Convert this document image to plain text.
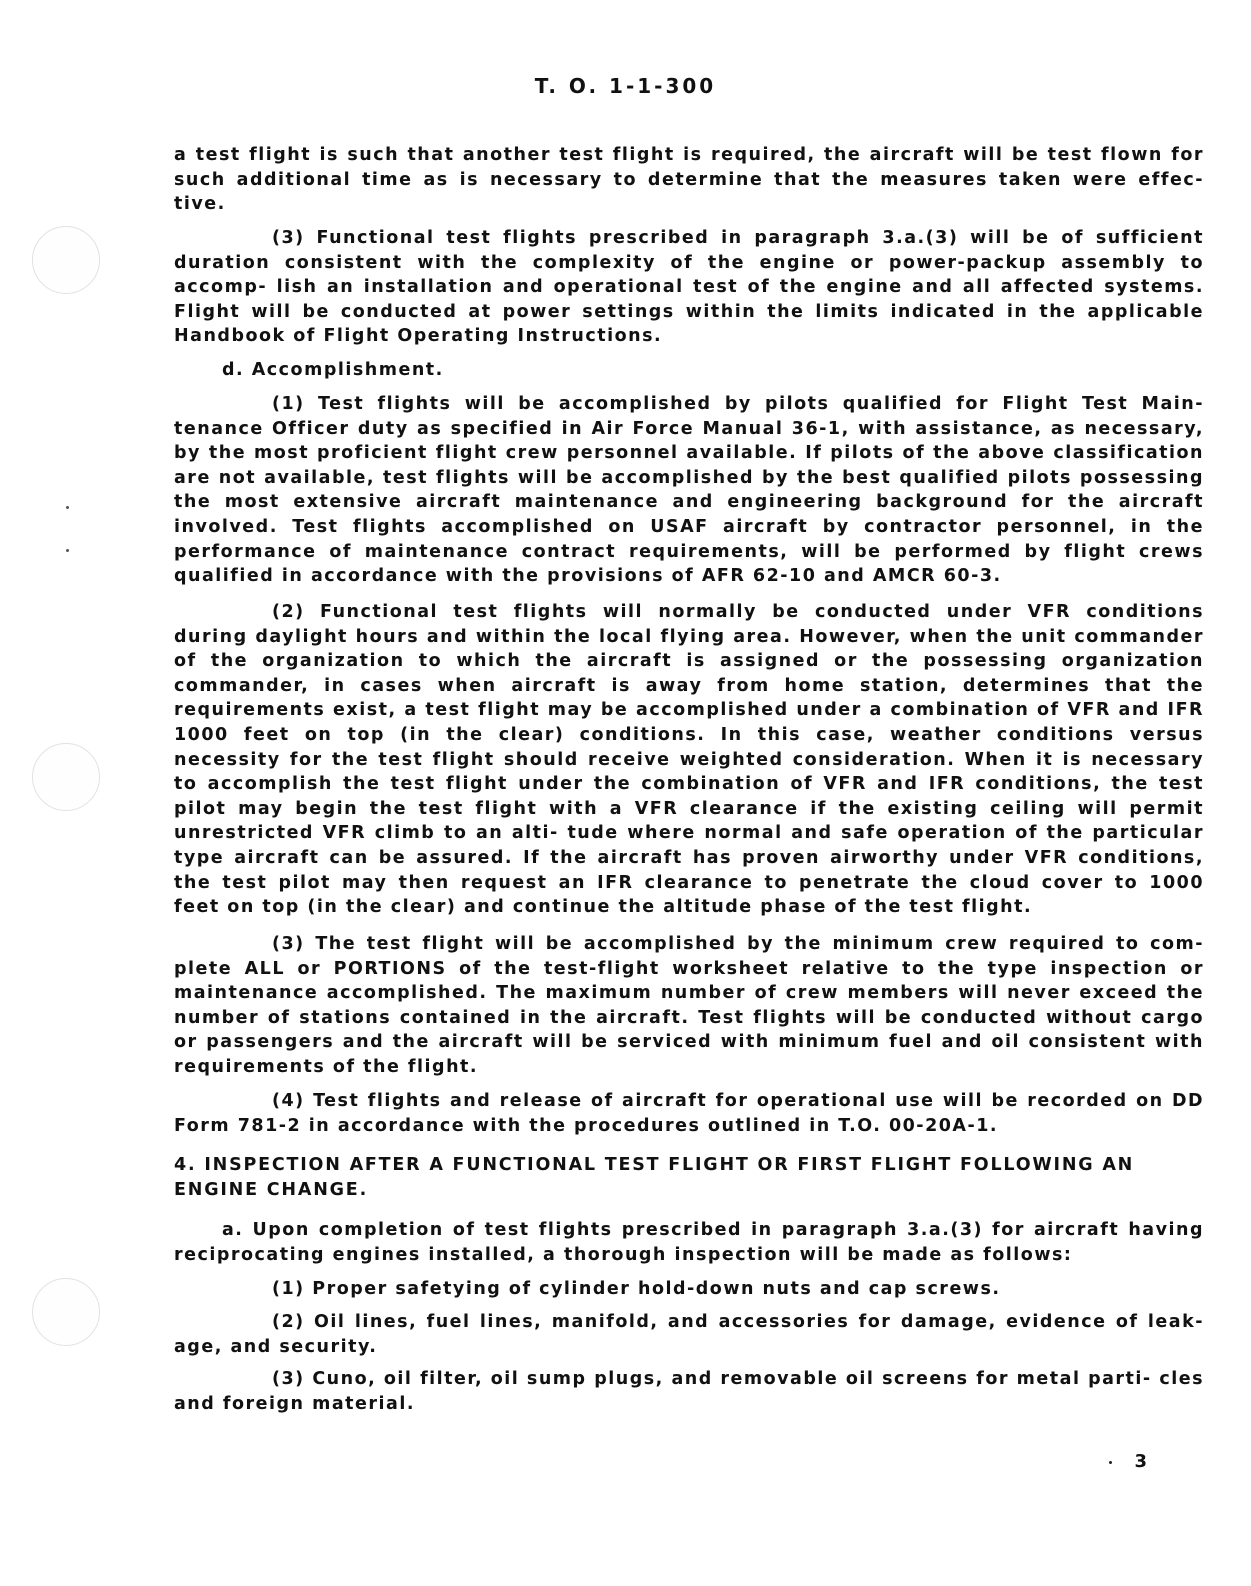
T. O. 1-1-300

a test flight is such that another test flight is required, the aircraft will be test flown for such additional time as is necessary to determine that the measures taken were effec- tive.

(3) Functional test flights prescribed in paragraph 3.a.(3) will be of sufficient duration consistent with the complexity of the engine or power-packup assembly to accomp- lish an installation and operational test of the engine and all affected systems. Flight will be conducted at power settings within the limits indicated in the applicable Handbook of Flight Operating Instructions.

d. Accomplishment.

(1) Test flights will be accomplished by pilots qualified for Flight Test Main- tenance Officer duty as specified in Air Force Manual 36-1, with assistance, as necessary, by the most proficient flight crew personnel available. If pilots of the above classification are not available, test flights will be accomplished by the best qualified pilots possessing the most extensive aircraft maintenance and engineering background for the aircraft involved. Test flights accomplished on USAF aircraft by contractor personnel, in the performance of maintenance contract requirements, will be performed by flight crews qualified in accordance with the provisions of AFR 62-10 and AMCR 60-3.

(2) Functional test flights will normally be conducted under VFR conditions during daylight hours and within the local flying area. However, when the unit commander of the organization to which the aircraft is assigned or the possessing organization commander, in cases when aircraft is away from home station, determines that the requirements exist, a test flight may be accomplished under a combination of VFR and IFR 1000 feet on top (in the clear) conditions. In this case, weather conditions versus necessity for the test flight should receive weighted consideration. When it is necessary to accomplish the test flight under the combination of VFR and IFR conditions, the test pilot may begin the test flight with a VFR clearance if the existing ceiling will permit unrestricted VFR climb to an alti- tude where normal and safe operation of the particular type aircraft can be assured. If the aircraft has proven airworthy under VFR conditions, the test pilot may then request an IFR clearance to penetrate the cloud cover to 1000 feet on top (in the clear) and continue the altitude phase of the test flight.

(3) The test flight will be accomplished by the minimum crew required to com- plete ALL or PORTIONS of the test-flight worksheet relative to the type inspection or maintenance accomplished. The maximum number of crew members will never exceed the number of stations contained in the aircraft. Test flights will be conducted without cargo or passengers and the aircraft will be serviced with minimum fuel and oil consistent with requirements of the flight.

(4) Test flights and release of aircraft for operational use will be recorded on DD Form 781-2 in accordance with the procedures outlined in T.O. 00-20A-1.

4. INSPECTION AFTER A FUNCTIONAL TEST FLIGHT OR FIRST FLIGHT FOLLOWING AN ENGINE CHANGE.

a. Upon completion of test flights prescribed in paragraph 3.a.(3) for aircraft having reciprocating engines installed, a thorough inspection will be made as follows:

(1) Proper safetying of cylinder hold-down nuts and cap screws.

(2) Oil lines, fuel lines, manifold, and accessories for damage, evidence of leak- age, and security.

(3) Cuno, oil filter, oil sump plugs, and removable oil screens for metal parti- cles and foreign material.

3
